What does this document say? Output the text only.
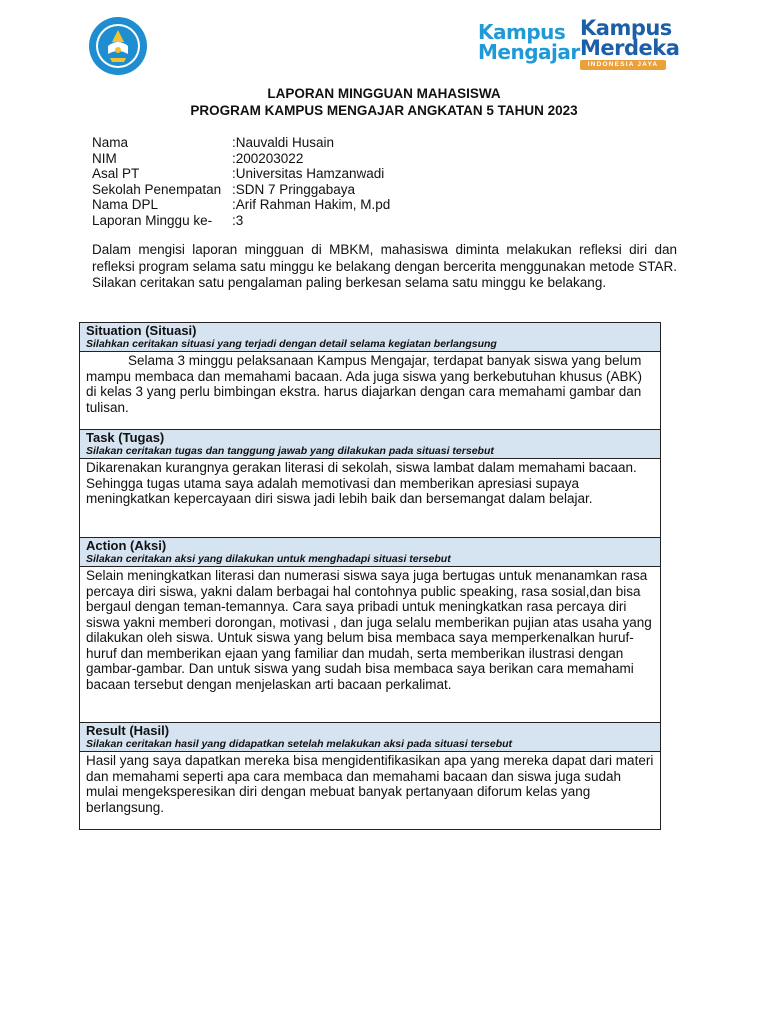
Kampus
Mengajar
Kampus
Merdeka
INDONESIA JAYA
LAPORAN MINGGUAN MAHASISWA
PROGRAM KAMPUS MENGAJAR ANGKATAN 5 TAHUN 2023
Nama	:Nauvaldi Husain
NIM	:200203022
Asal PT	:Universitas Hamzanwadi
Sekolah Penempatan :SDN 7 Pringgabaya
Nama DPL	:Arif Rahman Hakim, M.pd
Laporan Minggu ke-	:3
Dalam mengisi laporan mingguan di MBKM, mahasiswa diminta melakukan refleksi diri dan refleksi program selama satu minggu ke belakang dengan bercerita menggunakan metode STAR. Silakan ceritakan satu pengalaman paling berkesan selama satu minggu ke belakang.
Situation (Situasi)
Silahkan ceritakan situasi yang terjadi dengan detail selama kegiatan berlangsung
Selama 3 minggu pelaksanaan Kampus Mengajar, terdapat banyak siswa yang belum mampu membaca dan memahami bacaan. Ada juga siswa yang berkebutuhan khusus (ABK) di kelas 3 yang perlu bimbingan ekstra. harus diajarkan dengan cara memahami gambar dan tulisan.
Task (Tugas)
Silakan ceritakan tugas dan tanggung jawab yang dilakukan pada situasi tersebut
Dikarenakan kurangnya gerakan literasi di sekolah, siswa lambat dalam memahami bacaan. Sehingga tugas utama saya adalah memotivasi dan memberikan apresiasi supaya meningkatkan kepercayaan diri siswa jadi lebih baik dan bersemangat dalam belajar.
Action (Aksi)
Silakan ceritakan aksi yang dilakukan untuk menghadapi situasi tersebut
Selain meningkatkan literasi dan numerasi siswa saya juga bertugas untuk menanamkan rasa percaya diri siswa, yakni dalam berbagai hal contohnya public speaking, rasa sosial,dan bisa bergaul dengan teman-temannya. Cara saya pribadi untuk meningkatkan rasa percaya diri siswa yakni memberi dorongan, motivasi , dan juga selalu memberikan pujian atas usaha yang dilakukan oleh siswa. Untuk siswa yang belum bisa membaca saya memperkenalkan huruf-huruf dan memberikan ejaan yang familiar dan mudah, serta memberikan ilustrasi dengan gambar-gambar. Dan untuk siswa yang sudah bisa membaca saya berikan cara memahami bacaan tersebut dengan menjelaskan arti bacaan perkalimat.
Result (Hasil)
Silakan ceritakan hasil yang didapatkan setelah melakukan aksi pada situasi tersebut
Hasil yang saya dapatkan mereka bisa mengidentifikasikan apa yang mereka dapat dari materi dan memahami seperti apa cara membaca dan memahami bacaan dan siswa juga sudah mulai mengeksperesikan diri dengan mebuat banyak pertanyaan diforum kelas yang berlangsung.
